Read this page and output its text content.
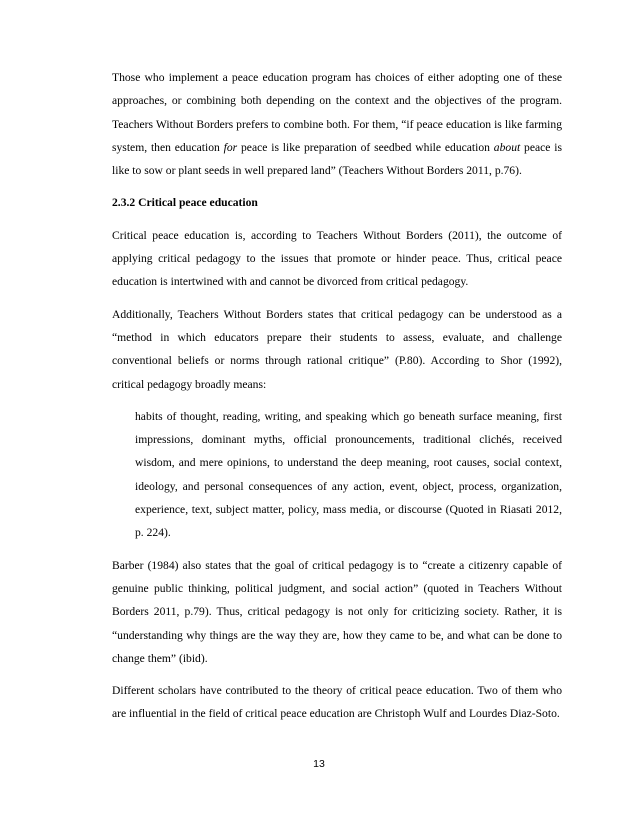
Those who implement a peace education program has choices of either adopting one of these approaches, or combining both depending on the context and the objectives of the program. Teachers Without Borders prefers to combine both. For them, “if peace education is like farming system, then education for peace is like preparation of seedbed while education about peace is like to sow or plant seeds in well prepared land” (Teachers Without Borders 2011, p.76).

2.3.2 Critical peace education

Critical peace education is, according to Teachers Without Borders (2011), the outcome of applying critical pedagogy to the issues that promote or hinder peace. Thus, critical peace education is intertwined with and cannot be divorced from critical pedagogy.

Additionally, Teachers Without Borders states that critical pedagogy can be understood as a “method in which educators prepare their students to assess, evaluate, and challenge conventional beliefs or norms through rational critique” (P.80). According to Shor (1992), critical pedagogy broadly means:

habits of thought, reading, writing, and speaking which go beneath surface meaning, first impressions, dominant myths, official pronouncements, traditional clichés, received wisdom, and mere opinions, to understand the deep meaning, root causes, social context, ideology, and personal consequences of any action, event, object, process, organization, experience, text, subject matter, policy, mass media, or discourse (Quoted in Riasati 2012, p. 224).

Barber (1984) also states that the goal of critical pedagogy is to “create a citizenry capable of genuine public thinking, political judgment, and social action” (quoted in Teachers Without Borders 2011, p.79). Thus, critical pedagogy is not only for criticizing society. Rather, it is “understanding why things are the way they are, how they came to be, and what can be done to change them” (ibid).

Different scholars have contributed to the theory of critical peace education. Two of them who are influential in the field of critical peace education are Christoph Wulf and Lourdes Diaz-Soto.

13
